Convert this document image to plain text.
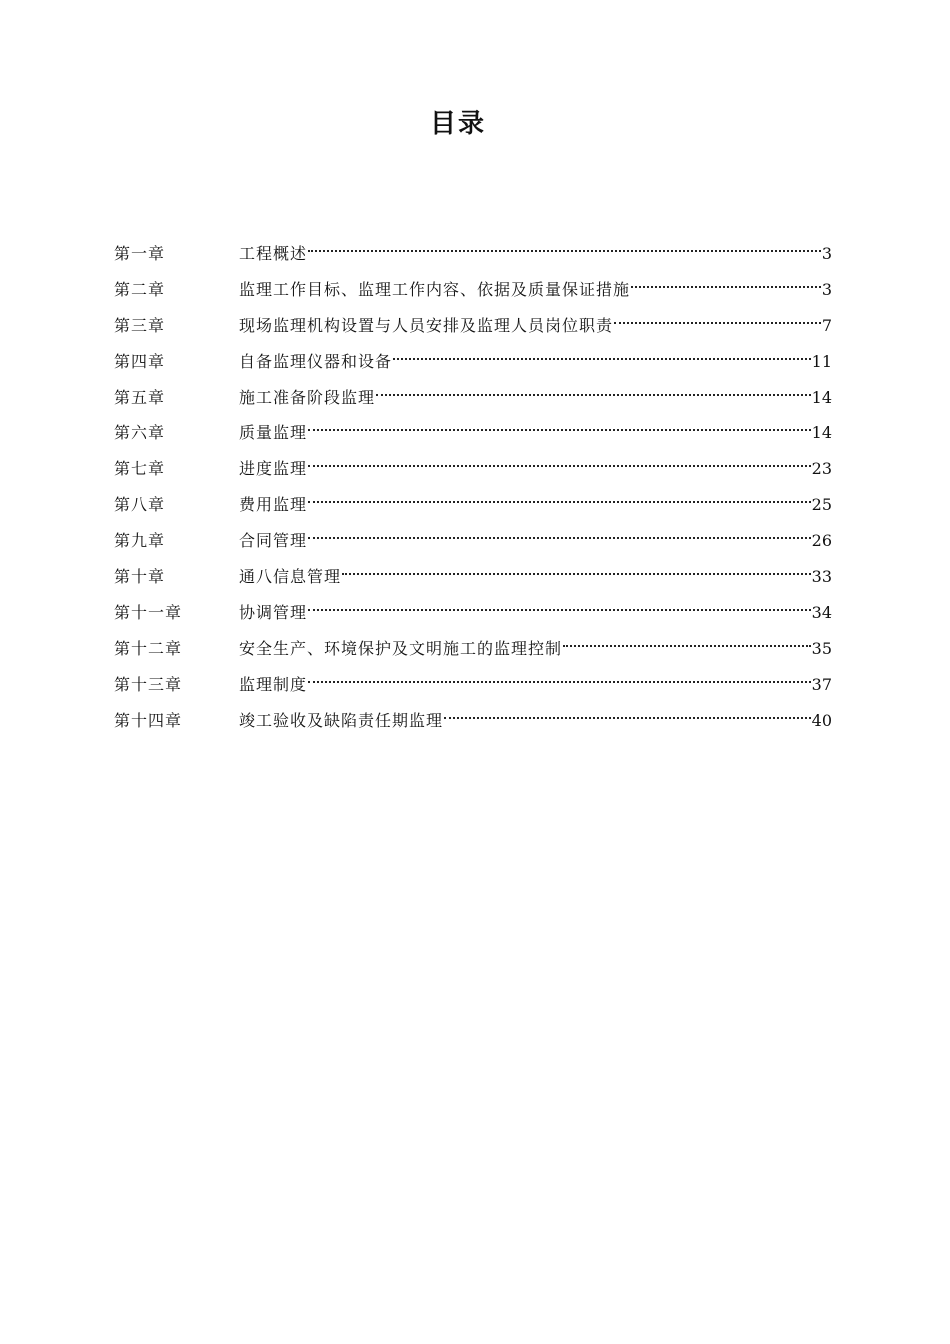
目录
第一章	工程概述	3
第二章	监理工作目标、监理工作内容、依据及质量保证措施	3
第三章	现场监理机构设置与人员安排及监理人员岗位职责	7
第四章	自备监理仪器和设备	11
第五章	施工准备阶段监理	14
第六章	质量监理	14
第七章	进度监理	23
第八章	费用监理	25
第九章	合同管理	26
第十章	通八信息管理	33
第十一章	协调管理	34
第十二章	安全生产、环境保护及文明施工的监理控制	35
第十三章	监理制度	37
第十四章	竣工验收及缺陷责任期监理	40
